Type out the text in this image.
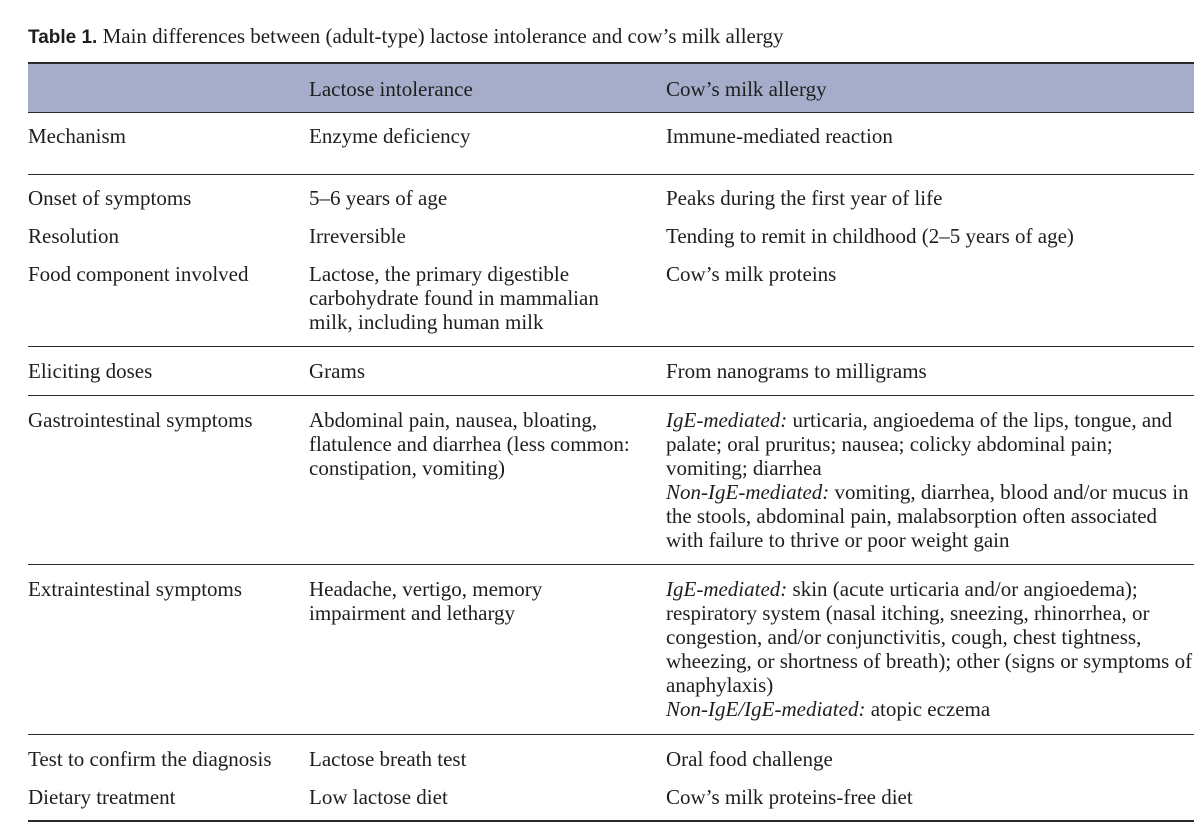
Table 1. Main differences between (adult-type) lactose intolerance and cow’s milk allergy
	Lactose intolerance	Cow’s milk allergy
Mechanism	Enzyme deficiency	Immune-mediated reaction
Onset of symptoms	5–6 years of age	Peaks during the first year of life
Resolution	Irreversible	Tending to remit in childhood (2–5 years of age)
Food component involved	Lactose, the primary digestible carbohydrate found in mammalian milk, including human milk	Cow’s milk proteins
Eliciting doses	Grams	From nanograms to milligrams
Gastrointestinal symptoms	Abdominal pain, nausea, bloating, flatulence and diarrhea (less common: constipation, vomiting)	IgE-mediated: urticaria, angioedema of the lips, tongue, and palate; oral pruritus; nausea; colicky abdominal pain; vomiting; diarrhea
Non-IgE-mediated: vomiting, diarrhea, blood and/or mucus in the stools, abdominal pain, malabsorption often associated with failure to thrive or poor weight gain

Extraintestinal symptoms	Headache, vertigo, memory impairment and lethargy	IgE-mediated: skin (acute urticaria and/or angioedema); respiratory system (nasal itching, sneezing, rhinorrhea, or congestion, and/or conjunctivitis, cough, chest tightness, wheezing, or shortness of breath); other (signs or symptoms of anaphylaxis)
Non-IgE/IgE-mediated: atopic eczema

Test to confirm the diagnosis	Lactose breath test	Oral food challenge
Dietary treatment	Low lactose diet	Cow’s milk proteins-free diet
